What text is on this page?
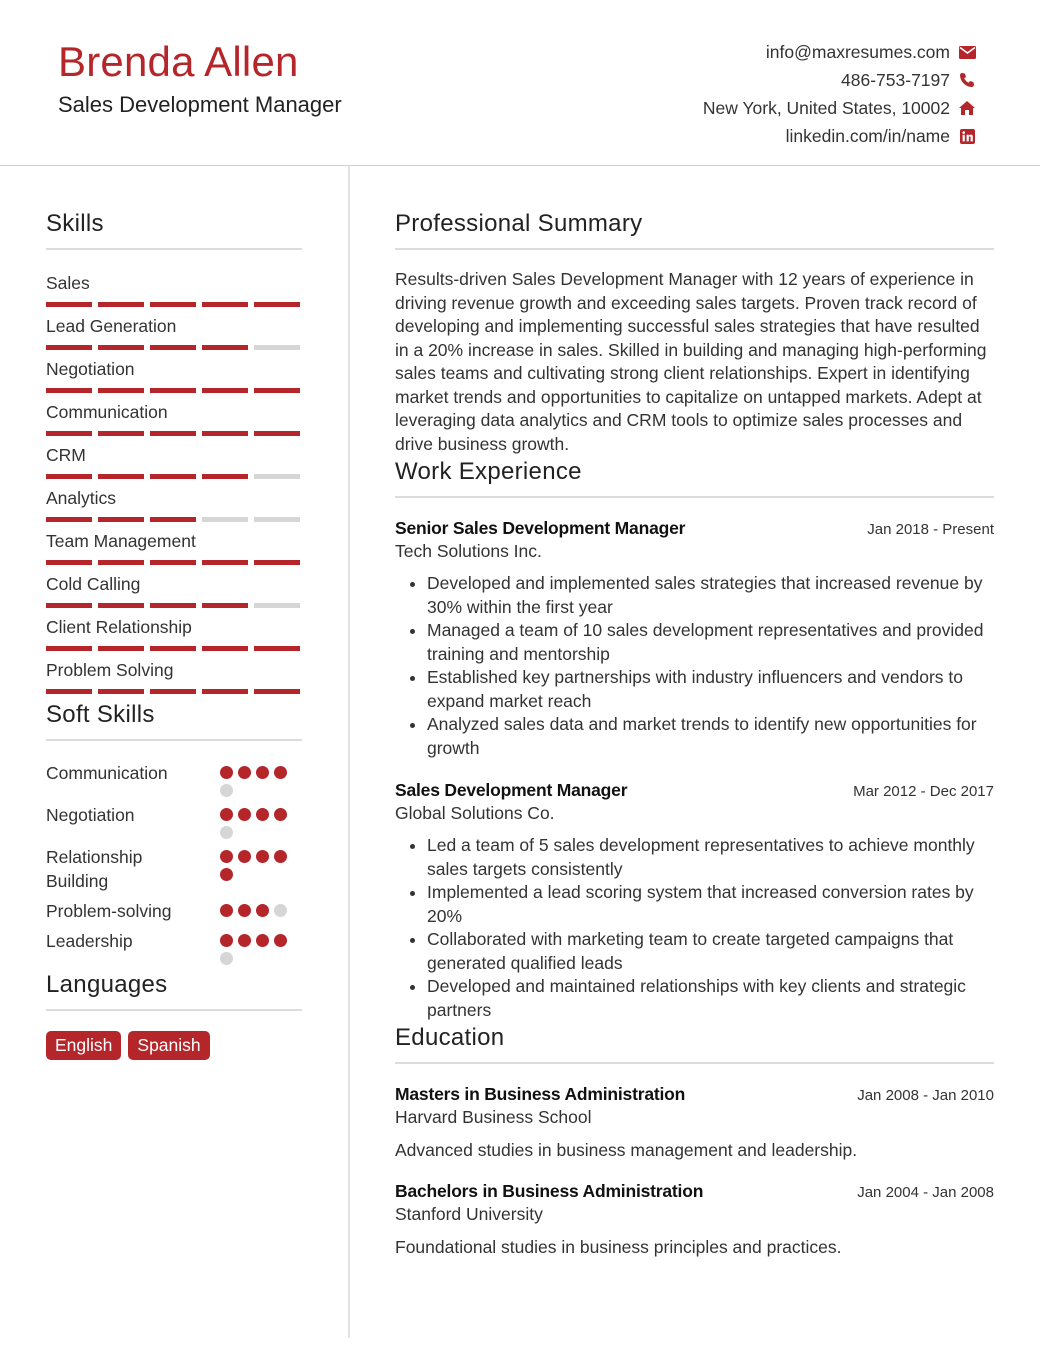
Brenda Allen
Sales Development Manager
info@maxresumes.com
486-753-7197
New York, United States, 10002
linkedin.com/in/name
Skills
Sales
Lead Generation
Negotiation
Communication
CRM
Analytics
Team Management
Cold Calling
Client Relationship
Problem Solving
Soft Skills
Communication
Negotiation
Relationship Building
Problem-solving
Leadership
Languages
English	Spanish
Professional Summary
Results-driven Sales Development Manager with 12 years of experience in driving revenue growth and exceeding sales targets. Proven track record of developing and implementing successful sales strategies that have resulted in a 20% increase in sales. Skilled in building and managing high-performing sales teams and cultivating strong client relationships. Expert in identifying market trends and opportunities to capitalize on untapped markets. Adept at leveraging data analytics and CRM tools to optimize sales processes and drive business growth.
Work Experience
Senior Sales Development Manager	Jan 2018 - Present
Tech Solutions Inc.
• Developed and implemented sales strategies that increased revenue by 30% within the first year
• Managed a team of 10 sales development representatives and provided training and mentorship
• Established key partnerships with industry influencers and vendors to expand market reach
• Analyzed sales data and market trends to identify new opportunities for growth
Sales Development Manager	Mar 2012 - Dec 2017
Global Solutions Co.
• Led a team of 5 sales development representatives to achieve monthly sales targets consistently
• Implemented a lead scoring system that increased conversion rates by 20%
• Collaborated with marketing team to create targeted campaigns that generated qualified leads
• Developed and maintained relationships with key clients and strategic partners
Education
Masters in Business Administration	Jan 2008 - Jan 2010
Harvard Business School
Advanced studies in business management and leadership.
Bachelors in Business Administration	Jan 2004 - Jan 2008
Stanford University
Foundational studies in business principles and practices.
